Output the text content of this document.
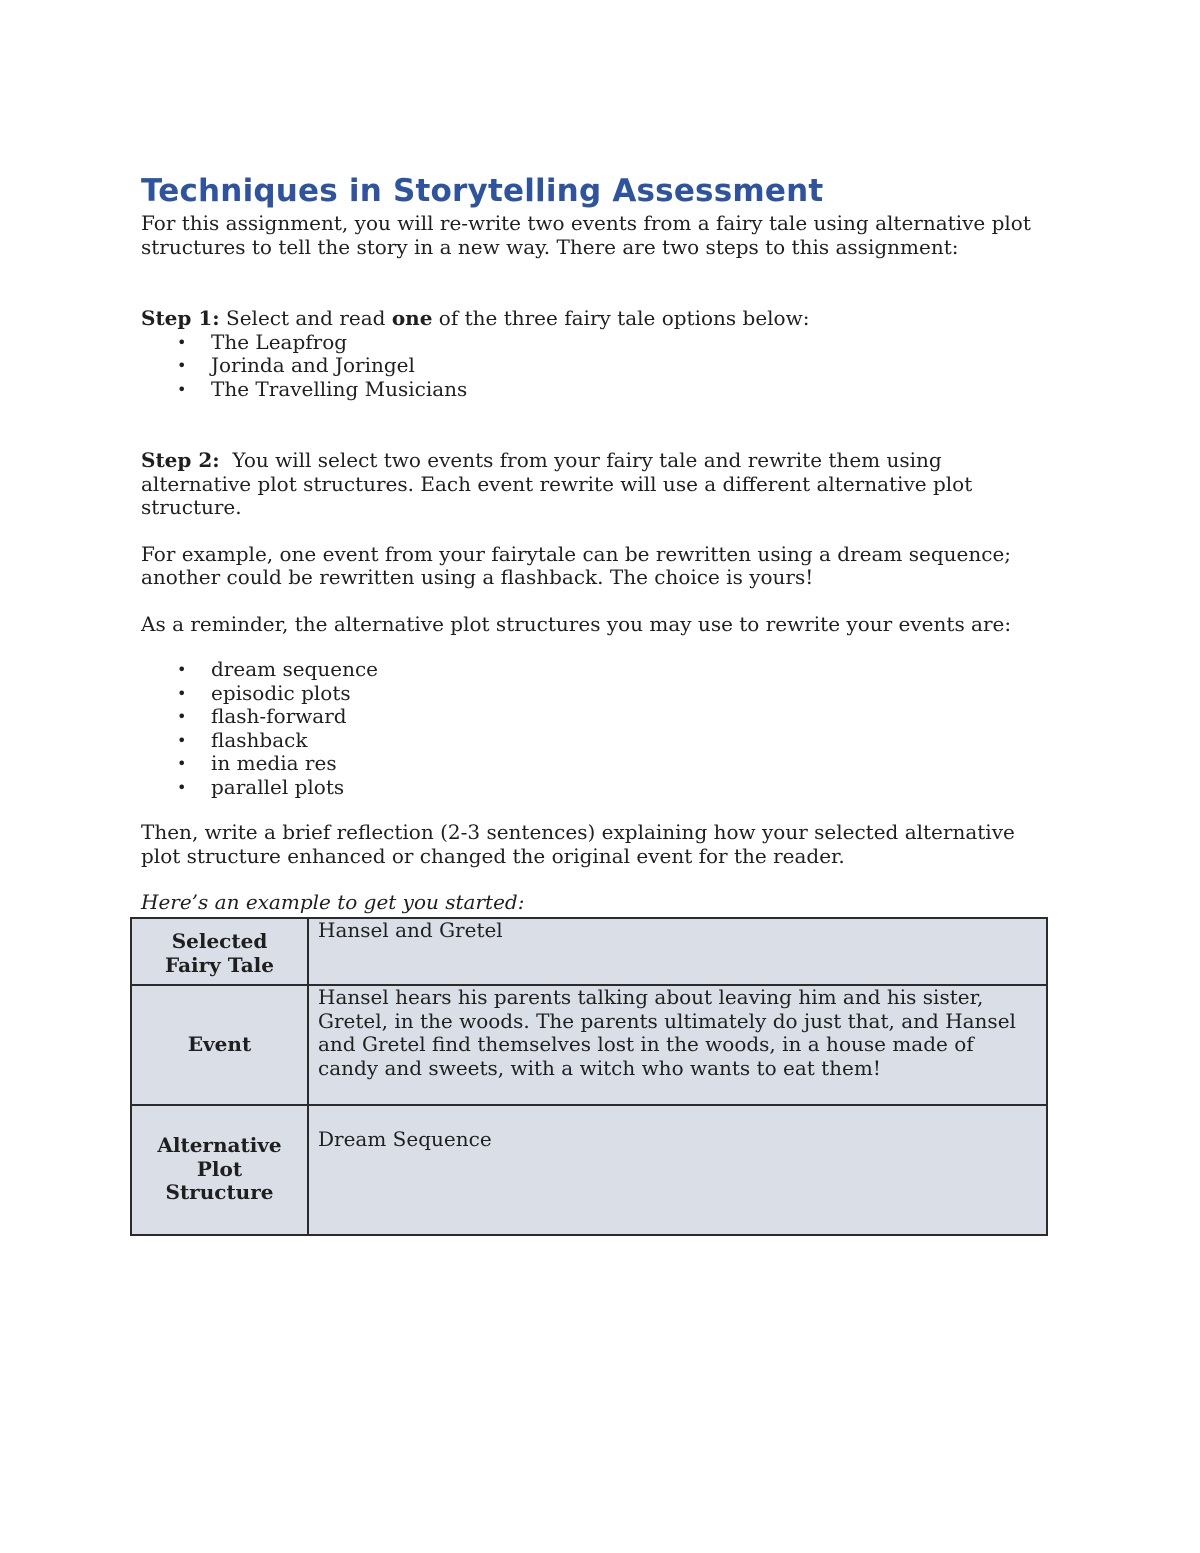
Techniques in Storytelling Assessment

For this assignment, you will re-write two events from a fairy tale using alternative plot structures to tell the story in a new way. There are two steps to this assignment:

Step 1: Select and read one of the three fairy tale options below:

• The Leapfrog
• Jorinda and Joringel
• The Travelling Musicians

Step 2:  You will select two events from your fairy tale and rewrite them using alternative plot structures. Each event rewrite will use a different alternative plot structure.

For example, one event from your fairytale can be rewritten using a dream sequence; another could be rewritten using a flashback. The choice is yours!

As a reminder, the alternative plot structures you may use to rewrite your events are:

• dream sequence
• episodic plots
• flash-forward
• flashback
• in media res
• parallel plots

Then, write a brief reflection (2-3 sentences) explaining how your selected alternative plot structure enhanced or changed the original event for the reader.

Here’s an example to get you started:

Selected Fairy Tale	Hansel and Gretel
Event	Hansel hears his parents talking about leaving him and his sister, Gretel, in the woods. The parents ultimately do just that, and Hansel and Gretel find themselves lost in the woods, in a house made of candy and sweets, with a witch who wants to eat them!
Alternative Plot Structure	Dream Sequence
